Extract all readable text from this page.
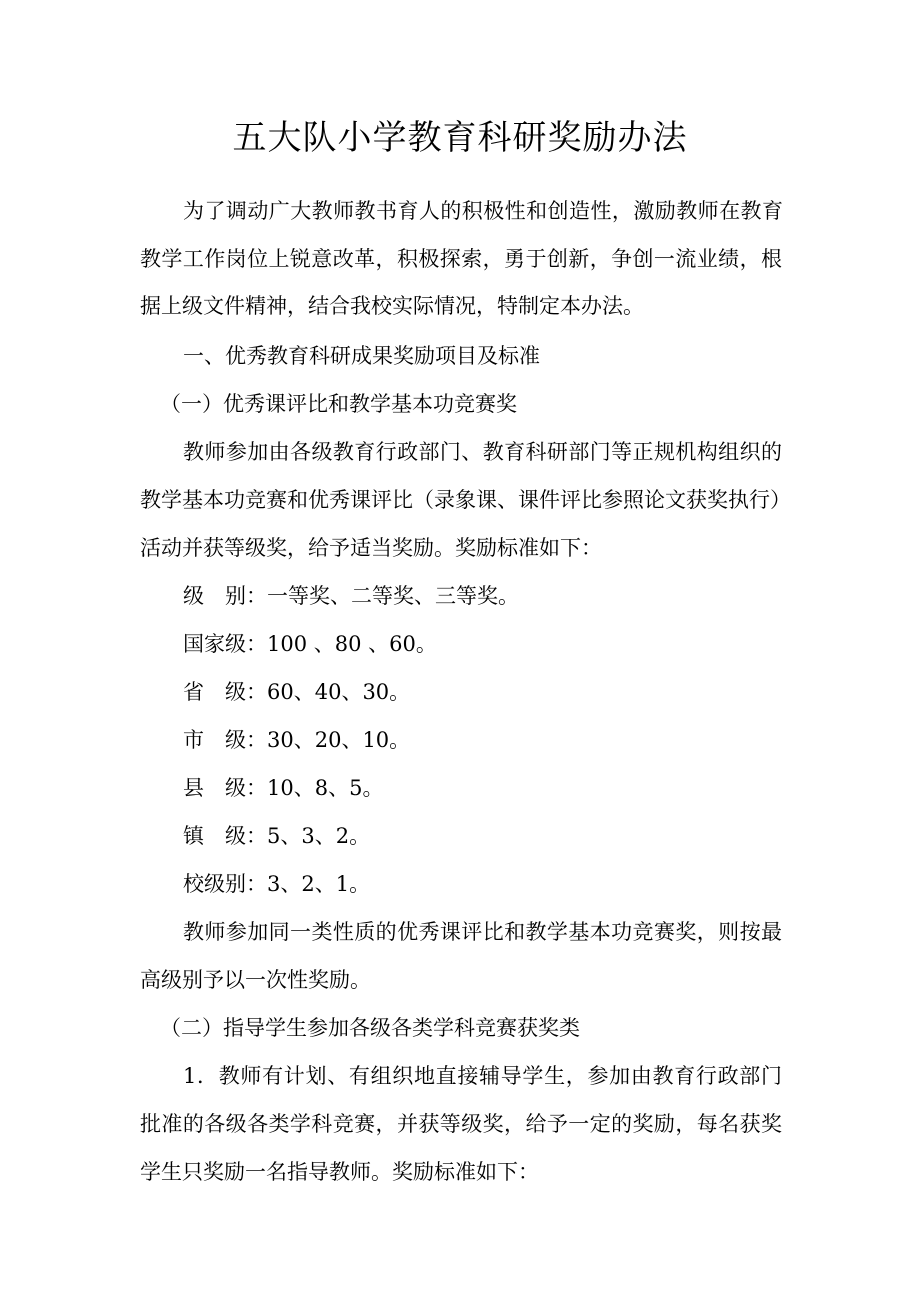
五大队小学教育科研奖励办法
为了调动广大教师教书育人的积极性和创造性，激励教师在教育
教学工作岗位上锐意改革，积极探索，勇于创新，争创一流业绩，根
据上级文件精神，结合我校实际情况，特制定本办法。
一、优秀教育科研成果奖励项目及标准
（一）优秀课评比和教学基本功竞赛奖
教师参加由各级教育行政部门、教育科研部门等正规机构组织的
教学基本功竞赛和优秀课评比（录象课、课件评比参照论文获奖执行）
活动并获等级奖，给予适当奖励。奖励标准如下：
级　别：一等奖、二等奖、三等奖。
国家级：100 、80 、60。
省　级：60、40、30。
市　级：30、20、10。
县　级：10、8、5。
镇　级：5、3、2。
校级别：3、2、1。
教师参加同一类性质的优秀课评比和教学基本功竞赛奖，则按最
高级别予以一次性奖励。
（二）指导学生参加各级各类学科竞赛获奖类
1．教师有计划、有组织地直接辅导学生，参加由教育行政部门
批准的各级各类学科竞赛，并获等级奖，给予一定的奖励，每名获奖
学生只奖励一名指导教师。奖励标准如下：
